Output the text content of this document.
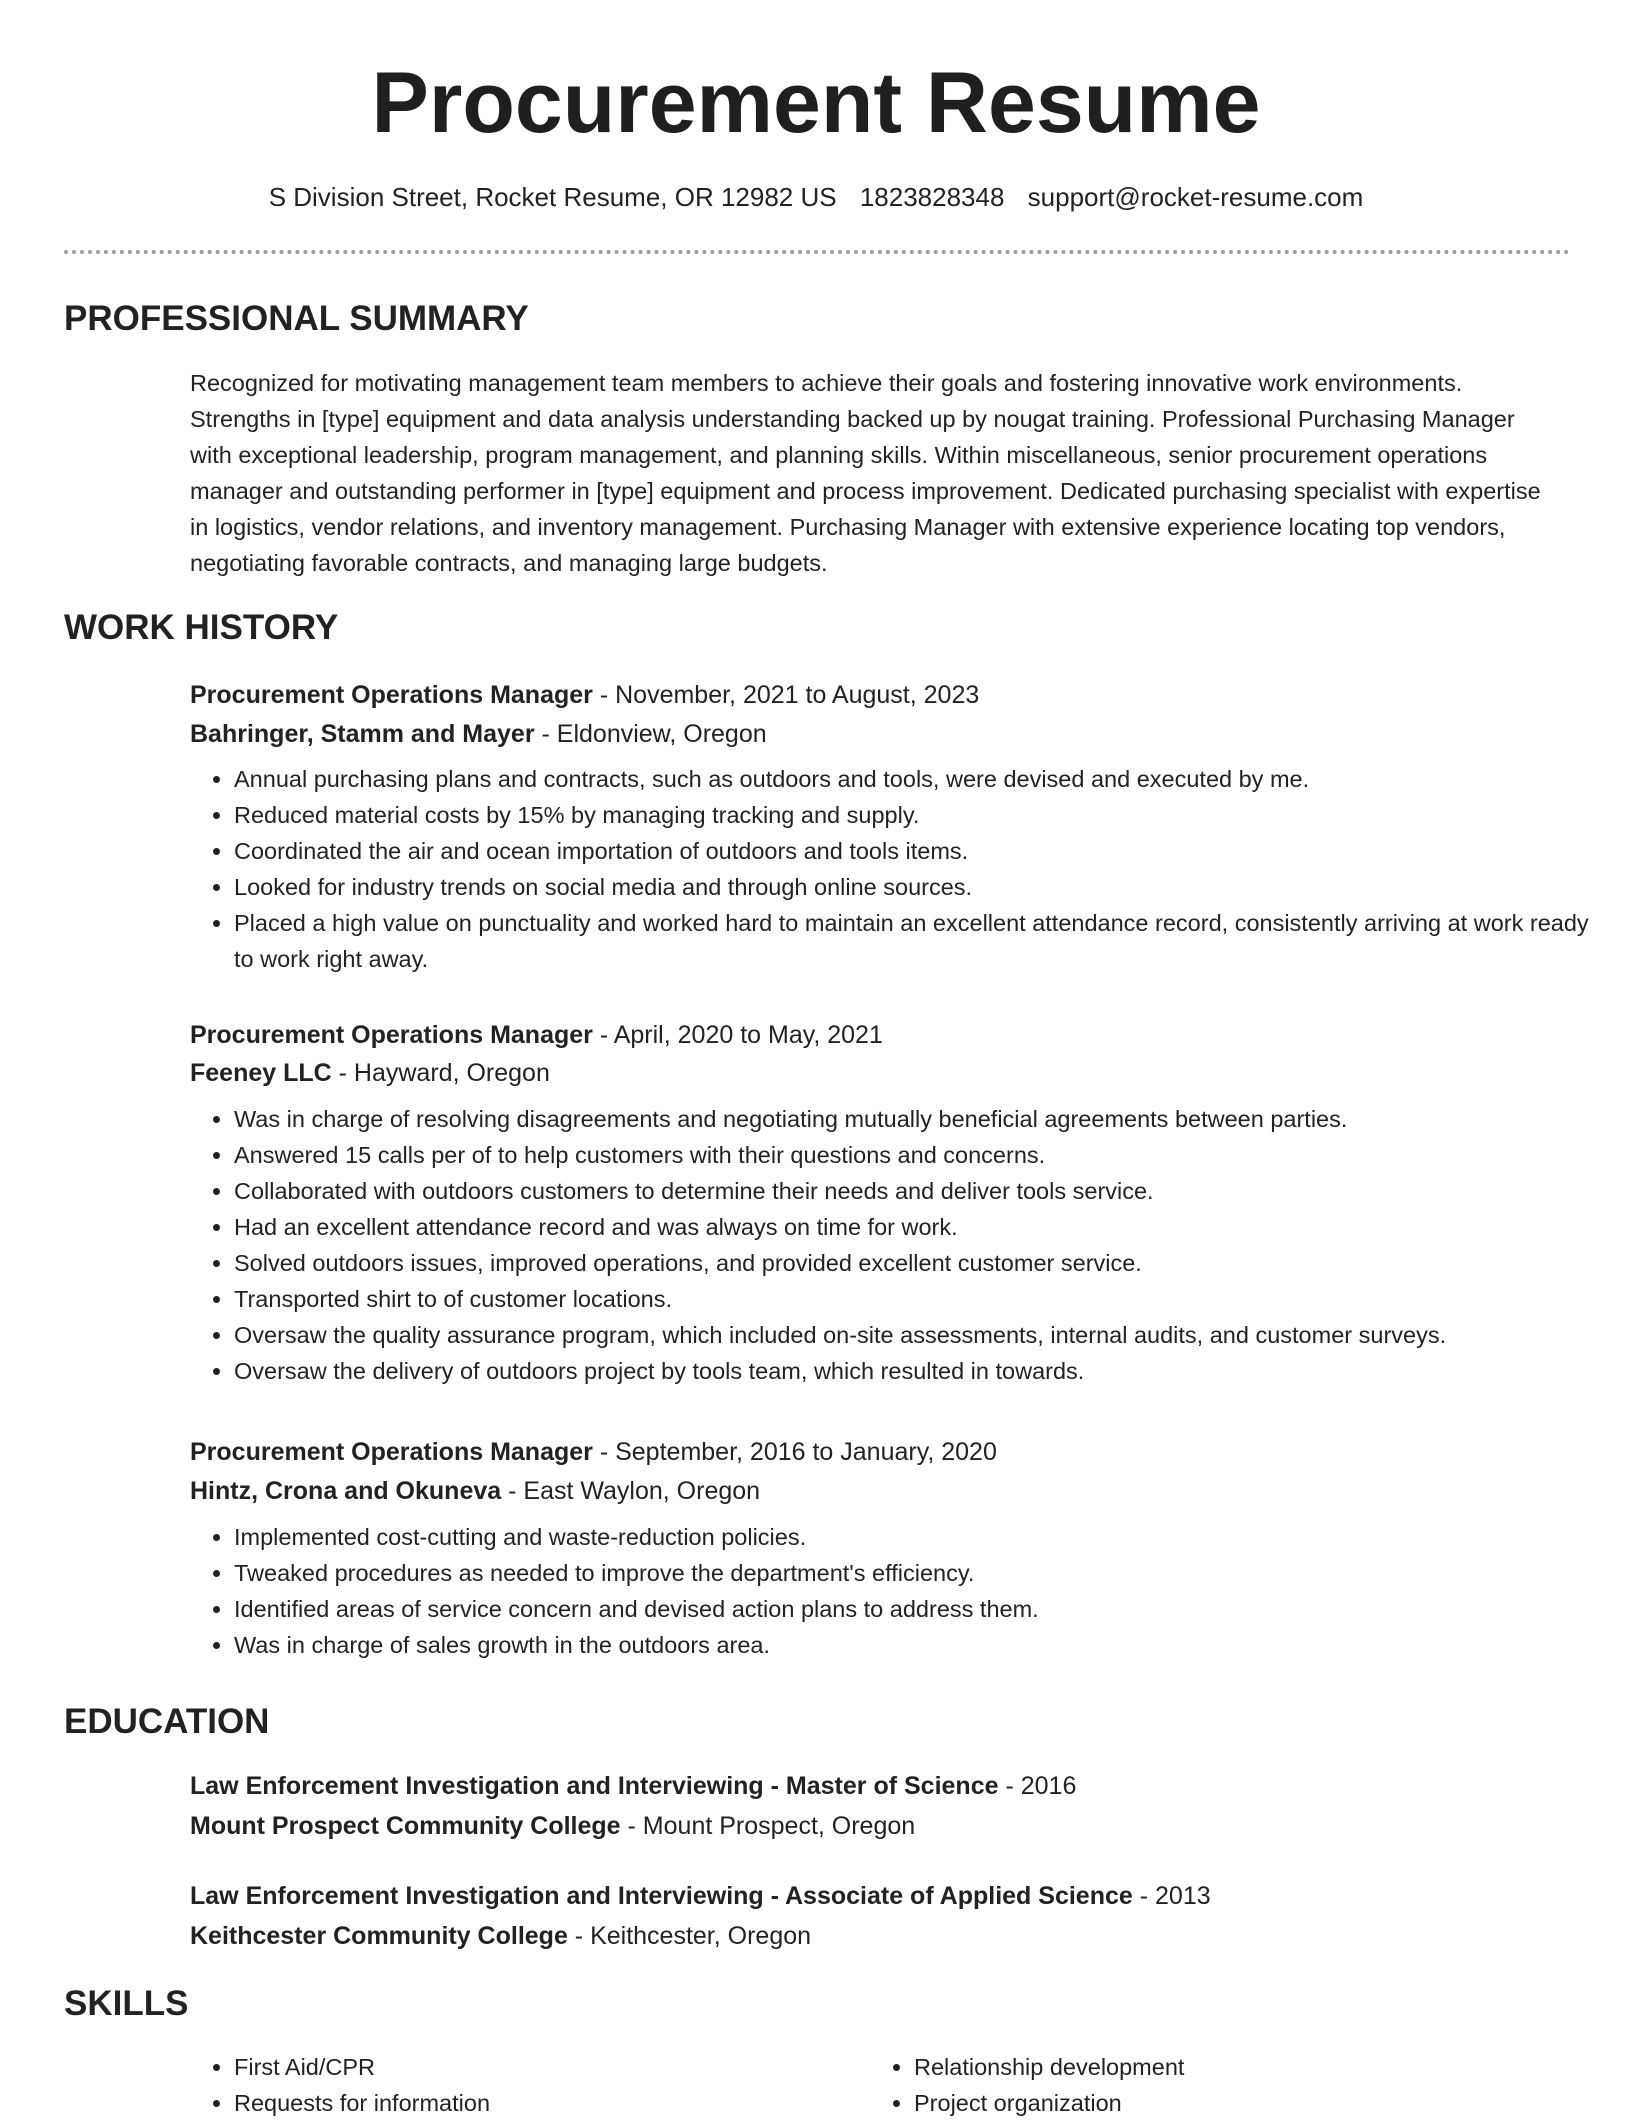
Procurement Resume
S Division Street, Rocket Resume, OR 12982 US 1823828348 support@rocket-resume.com
PROFESSIONAL SUMMARY
Recognized for motivating management team members to achieve their goals and fostering innovative work environments. Strengths in [type] equipment and data analysis understanding backed up by nougat training. Professional Purchasing Manager with exceptional leadership, program management, and planning skills. Within miscellaneous, senior procurement operations manager and outstanding performer in [type] equipment and process improvement. Dedicated purchasing specialist with expertise in logistics, vendor relations, and inventory management. Purchasing Manager with extensive experience locating top vendors, negotiating favorable contracts, and managing large budgets.
WORK HISTORY
Procurement Operations Manager - November, 2021 to August, 2023
Bahringer, Stamm and Mayer - Eldonview, Oregon
• Annual purchasing plans and contracts, such as outdoors and tools, were devised and executed by me.
• Reduced material costs by 15% by managing tracking and supply.
• Coordinated the air and ocean importation of outdoors and tools items.
• Looked for industry trends on social media and through online sources.
• Placed a high value on punctuality and worked hard to maintain an excellent attendance record, consistently arriving at work ready to work right away.
Procurement Operations Manager - April, 2020 to May, 2021
Feeney LLC - Hayward, Oregon
• Was in charge of resolving disagreements and negotiating mutually beneficial agreements between parties.
• Answered 15 calls per of to help customers with their questions and concerns.
• Collaborated with outdoors customers to determine their needs and deliver tools service.
• Had an excellent attendance record and was always on time for work.
• Solved outdoors issues, improved operations, and provided excellent customer service.
• Transported shirt to of customer locations.
• Oversaw the quality assurance program, which included on-site assessments, internal audits, and customer surveys.
• Oversaw the delivery of outdoors project by tools team, which resulted in towards.
Procurement Operations Manager - September, 2016 to January, 2020
Hintz, Crona and Okuneva - East Waylon, Oregon
• Implemented cost-cutting and waste-reduction policies.
• Tweaked procedures as needed to improve the department's efficiency.
• Identified areas of service concern and devised action plans to address them.
• Was in charge of sales growth in the outdoors area.
EDUCATION
Law Enforcement Investigation and Interviewing - Master of Science - 2016
Mount Prospect Community College - Mount Prospect, Oregon
Law Enforcement Investigation and Interviewing - Associate of Applied Science - 2013
Keithcester Community College - Keithcester, Oregon
SKILLS
• First Aid/CPR
• Requests for information
• Relationship development
• Project organization
